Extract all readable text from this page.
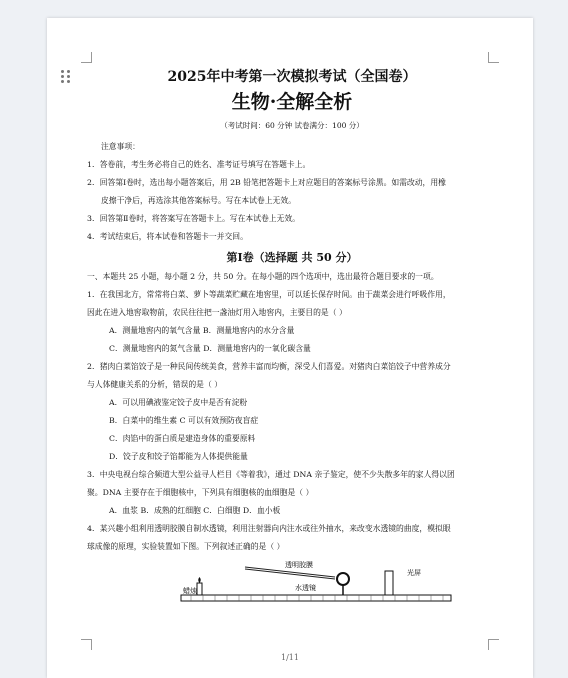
2025年中考第一次模拟考试（全国卷）

生物·全解全析

（考试时间：60 分钟 试卷满分：100 分）

注意事项：

1．答卷前，考生务必将自己的姓名、准考证号填写在答题卡上。

2．回答第Ⅰ卷时，选出每小题答案后，用 2B 铅笔把答题卡上对应题目的答案标号涂黑。如需改动，用橡

皮擦干净后，再选涂其他答案标号。写在本试卷上无效。

3．回答第Ⅱ卷时，将答案写在答题卡上。写在本试卷上无效。

4．考试结束后，将本试卷和答题卡一并交回。

第Ⅰ卷（选择题 共 50 分）

一、本题共 25 小题，每小题 2 分，共 50 分。在每小题的四个选项中，选出最符合题目要求的一项。

1．在我国北方，常常将白菜、萝卜等蔬菜贮藏在地窖里，可以延长保存时间。由于蔬菜会进行呼吸作用，

因此在进入地窖取物前，农民往往把一盏油灯用入地窖内，主要目的是（ ）

A．测量地窖内的氧气含量 B．测量地窖内的水分含量

C．测量地窖内的氮气含量 D．测量地窖内的一氧化碳含量

2．猪肉白菜馅饺子是一种民间传统美食，营养丰富而均衡，深受人们喜爱。对猪肉白菜馅饺子中营养成分

与人体健康关系的分析，错误的是（ ）

A．可以用碘液鉴定饺子皮中是否有淀粉

B．白菜中的维生素 C 可以有效预防夜盲症

C．肉馅中的蛋白质是建造身体的重要原料

D．饺子皮和饺子馅都能为人体提供能量

3．中央电视台综合频道大型公益寻人栏目《等着我》，通过 DNA 亲子鉴定，使不少失散多年的家人得以团

聚。DNA 主要存在于细胞核中，下列具有细胞核的血细胞是（ ）

A．血浆 B．成熟的红细胞 C．白细胞 D．血小板

4．某兴趣小组利用透明胶膜自制水透镜，利用注射器向内注水或往外抽水，来改变水透镜的曲度，模拟眼

球成像的原理，实验装置如下图。下列叙述正确的是（ ）

蜡烛
透明胶膜
水透镜
光屏
1/11
